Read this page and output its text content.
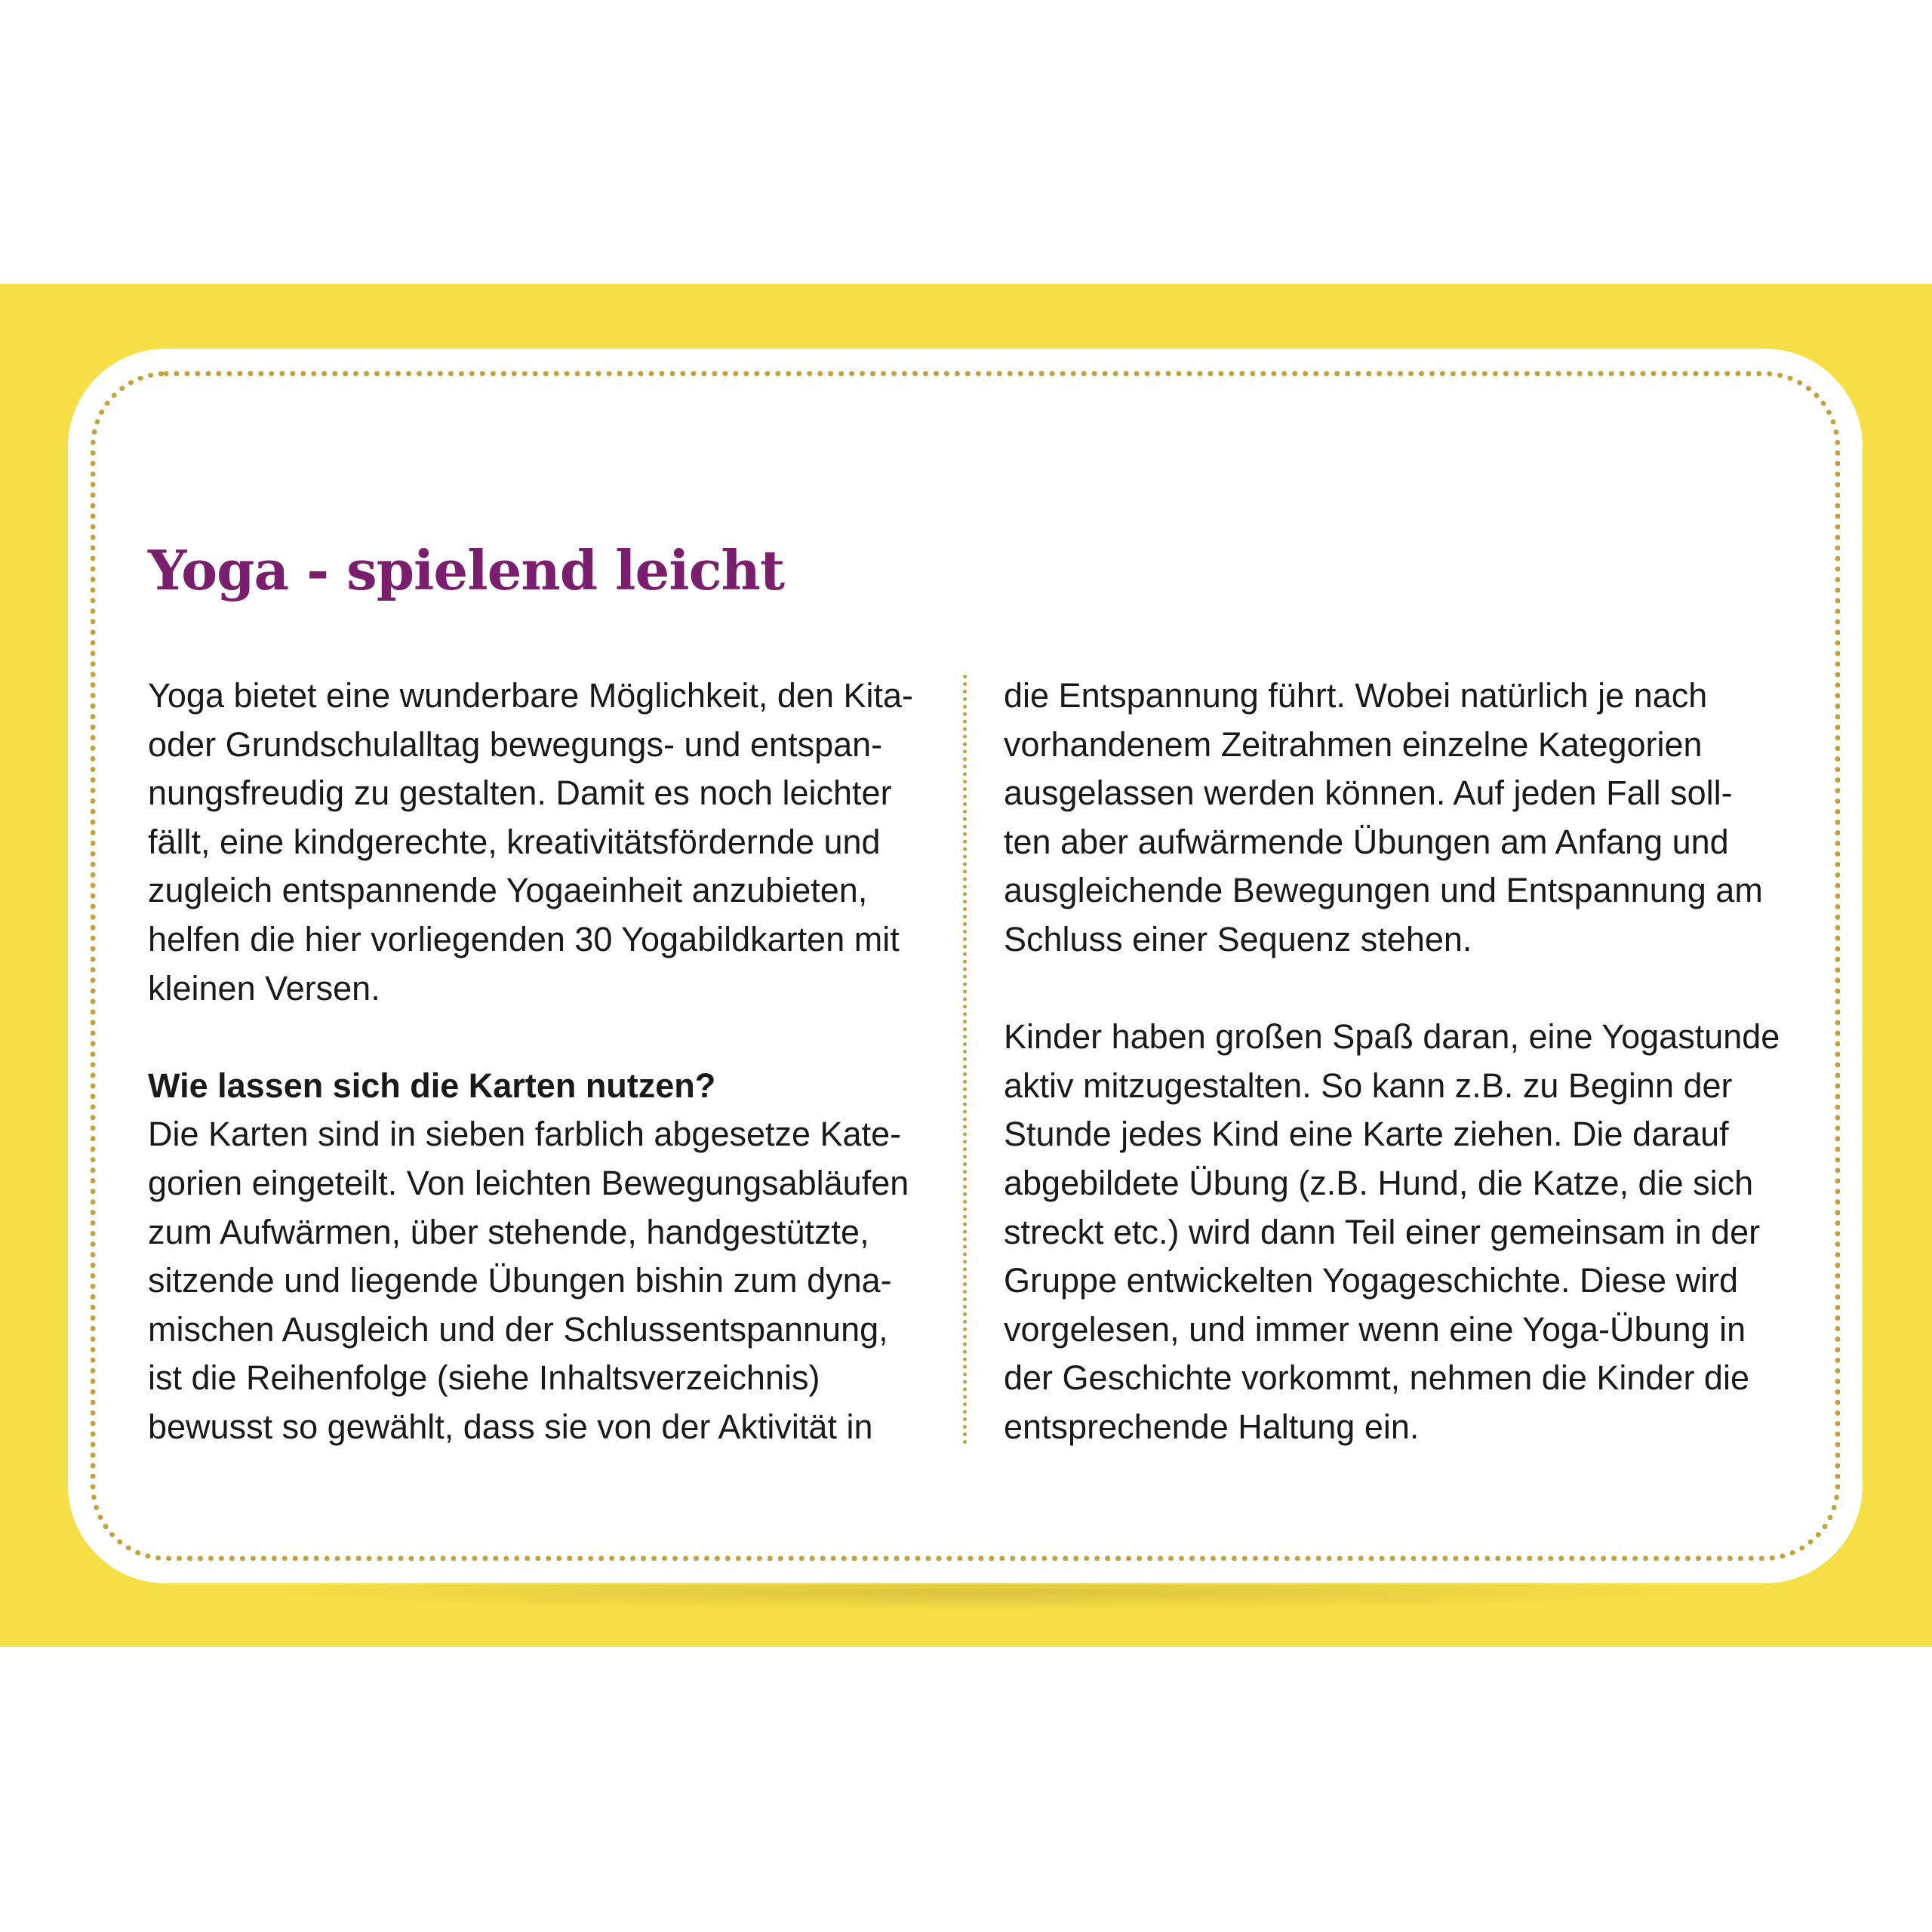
Yoga - spielend leicht
Yoga bietet eine wunderbare Möglichkeit, den Kita-
oder Grundschulalltag bewegungs- und entspan-
nungsfreudig zu gestalten. Damit es noch leichter
fällt, eine kindgerechte, kreativitätsfördernde und
zugleich entspannende Yogaeinheit anzubieten,
helfen die hier vorliegenden 30 Yogabildkarten mit
kleinen Versen.
Wie lassen sich die Karten nutzen?
Die Karten sind in sieben farblich abgesetze Kate-
gorien eingeteilt. Von leichten Bewegungsabläufen
zum Aufwärmen, über stehende, handgestützte,
sitzende und liegende Übungen bishin zum dyna-
mischen Ausgleich und der Schlussentspannung,
ist die Reihenfolge (siehe Inhaltsverzeichnis)
bewusst so gewählt, dass sie von der Aktivität in
die Entspannung führt. Wobei natürlich je nach
vorhandenem Zeitrahmen einzelne Kategorien
ausgelassen werden können. Auf jeden Fall soll-
ten aber aufwärmende Übungen am Anfang und
ausgleichende Bewegungen und Entspannung am
Schluss einer Sequenz stehen.
Kinder haben großen Spaß daran, eine Yogastunde
aktiv mitzugestalten. So kann z.B. zu Beginn der
Stunde jedes Kind eine Karte ziehen. Die darauf
abgebildete Übung (z.B. Hund, die Katze, die sich
streckt etc.) wird dann Teil einer gemeinsam in der
Gruppe entwickelten Yogageschichte. Diese wird
vorgelesen, und immer wenn eine Yoga-Übung in
der Geschichte vorkommt, nehmen die Kinder die
entsprechende Haltung ein.
